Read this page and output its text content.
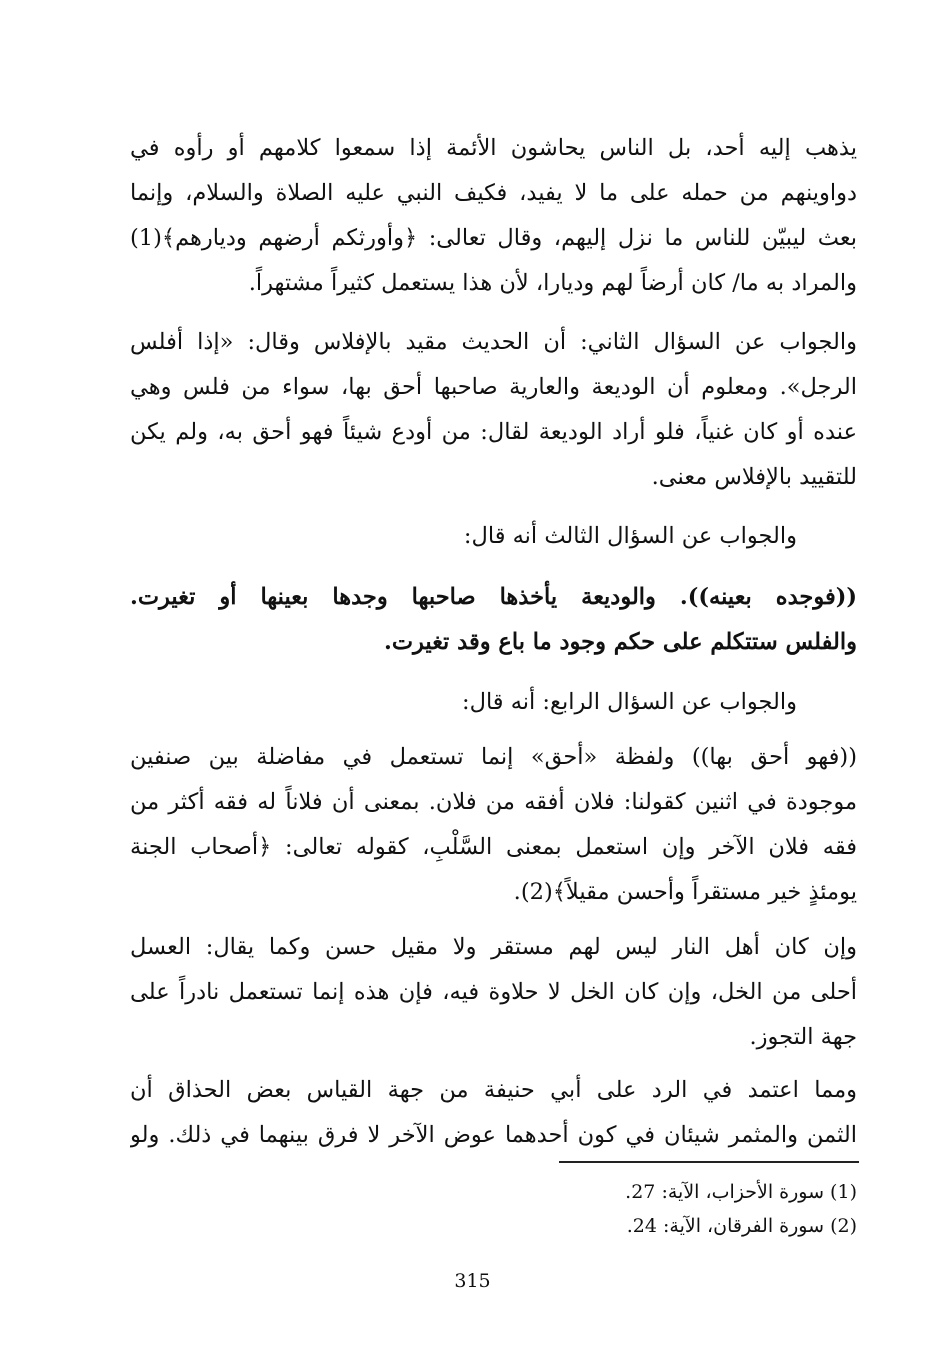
يذهب إليه أحد، بل الناس يحاشون الأئمة إذا سمعوا كلامهم أو رأوه في
دواوينهم من حمله على ما لا يفيد، فكيف النبي عليه الصلاة والسلام، وإنما
بعث ليبيّن للناس ما نزل إليهم، وقال تعالى: ﴿وأورثكم أرضهم وديارهم﴾(1)
والمراد به ما/ كان أرضاً لهم وديارا، لأن هذا يستعمل كثيراً مشتهراً.
والجواب عن السؤال الثاني: أن الحديث مقيد بالإفلاس وقال: «إذا أفلس
الرجل». ومعلوم أن الوديعة والعارية صاحبها أحق بها، سواء من فلس وهي
عنده أو كان غنياً، فلو أراد الوديعة لقال: من أودع شيئاً فهو أحق به، ولم يكن
للتقييد بالإفلاس معنى.
والجواب عن السؤال الثالث أنه قال:
((فوجده بعينه)). والوديعة يأخذها صاحبها وجدها بعينها أو تغيرت.
والفلس ستتكلم على حكم وجود ما باع وقد تغيرت.
والجواب عن السؤال الرابع: أنه قال:
((فهو أحق بها)) ولفظة «أحق» إنما تستعمل في مفاضلة بين صنفين
موجودة في اثنين كقولنا: فلان أفقه من فلان. بمعنى أن فلاناً له فقه أكثر من
فقه فلان الآخر وإن استعمل بمعنى السَّلْبِ، كقوله تعالى: ﴿أصحاب الجنة
يومئذٍ خير مستقراً وأحسن مقيلاً﴾(2).
وإن كان أهل النار ليس لهم مستقر ولا مقيل حسن وكما يقال: العسل
أحلى من الخل، وإن كان الخل لا حلاوة فيه، فإن هذه إنما تستعمل نادراً على
جهة التجوز.
ومما اعتمد في الرد على أبي حنيفة من جهة القياس بعض الحذاق أن
الثمن والمثمر شيئان في كون أحدهما عوض الآخر لا فرق بينهما في ذلك. ولو
(1) سورة الأحزاب، الآية: 27.
(2) سورة الفرقان، الآية: 24.
315
